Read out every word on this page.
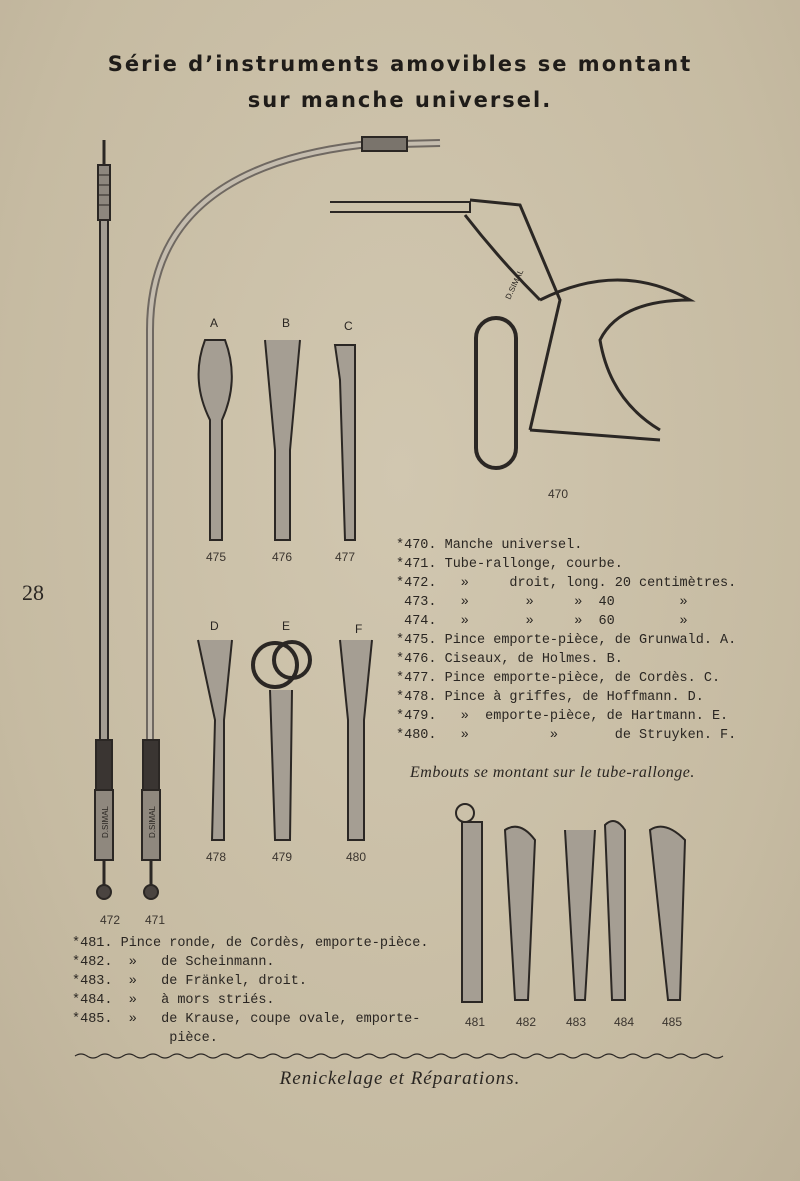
Série d’instruments amovibles se montant
sur manche universel.
28
D.SIMAL	D.SIMAL
D.SIMAL
470
471
472
475	476	477
478	479	480
481	482 483 484 485
A	B	C
D	E	F
*470. Manche universel.
*471. Tube-rallonge, courbe.
*472.   »     droit, long. 20 centimètres.
473.   »       »     »  40        »
474.   »       »     »  60        »
*475. Pince emporte-pièce, de Grunwald. A.
*476. Ciseaux, de Holmes. B.
*477. Pince emporte-pièce, de Cordès. C.
*478. Pince à griffes, de Hoffmann. D.
*479.   »  emporte-pièce, de Hartmann. E.
*480.   »          »       de Struyken. F.
Embouts se montant sur le tube-rallonge.
*481. Pince ronde, de Cordès, emporte-pièce.
*482.  »   de Scheinmann.
*483.  »   de Fränkel, droit.
*484.  »   à mors striés.
*485.  »   de Krause, coupe ovale, emporte-
pièce.
Renickelage et Réparations.
